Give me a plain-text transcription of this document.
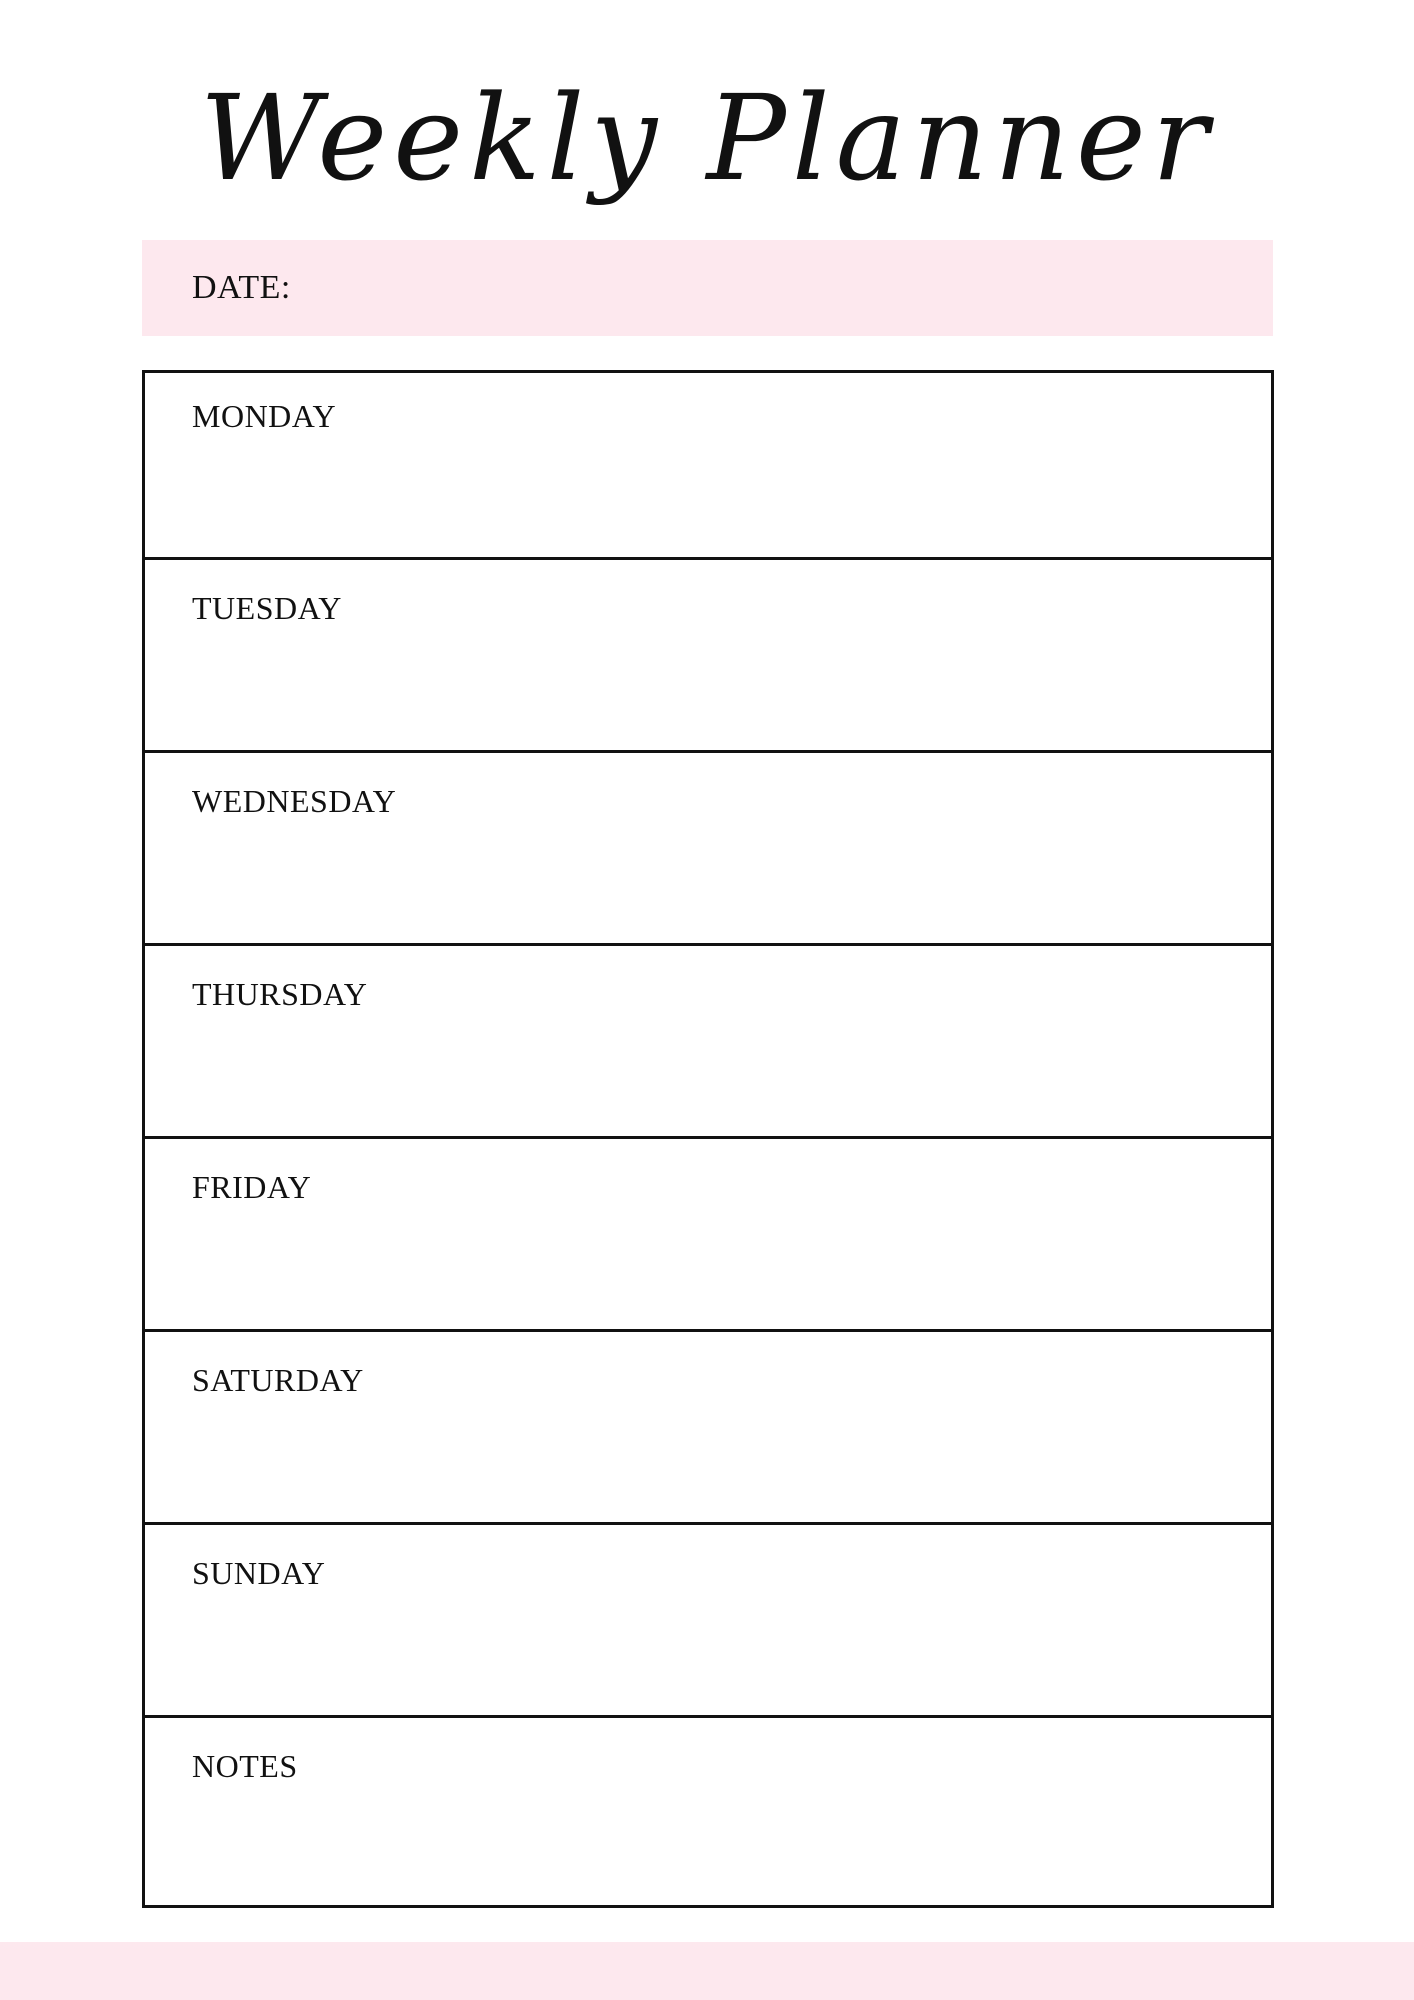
Weekly Planner
DATE:
MONDAY
TUESDAY
WEDNESDAY
THURSDAY
FRIDAY
SATURDAY
SUNDAY
NOTES
